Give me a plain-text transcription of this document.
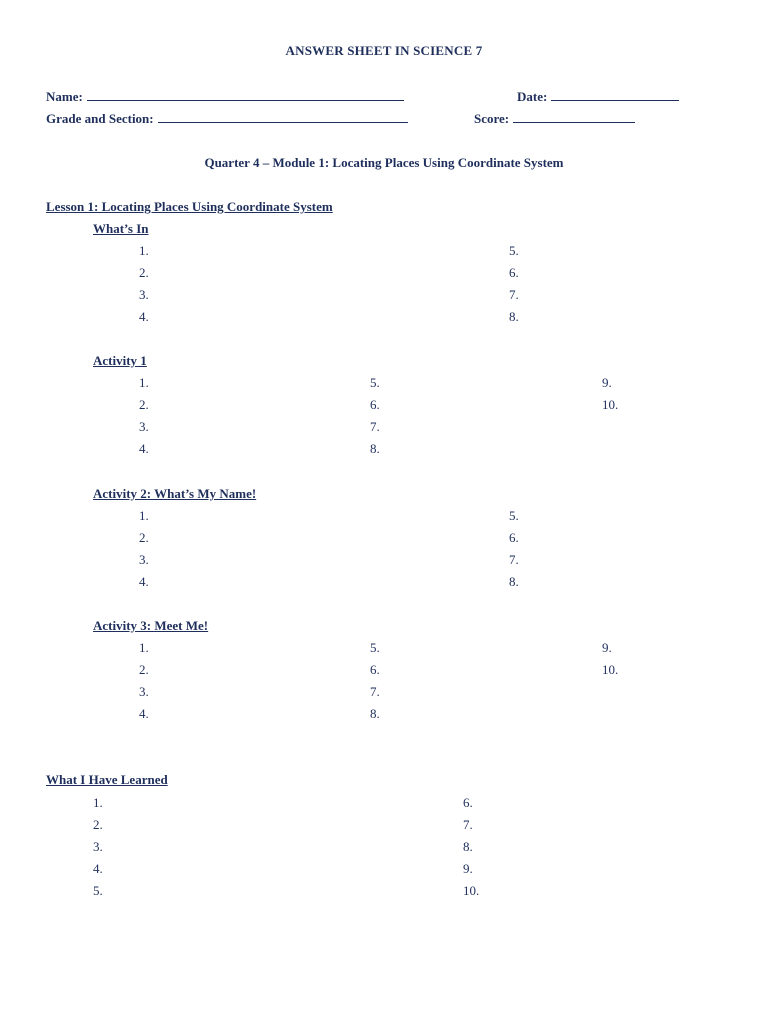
ANSWER SHEET IN SCIENCE 7
Name:	Date:
Grade and Section:	Score:
Quarter 4 – Module 1: Locating Places Using Coordinate System
Lesson 1: Locating Places Using Coordinate System
What’s In
1.
2.
3.
4.
5.
6.
7.
8.
Activity 1
1.
2.
3.
4.
5.
6.
7.
8.
9.
10.
Activity 2: What’s My Name!
1.
2.
3.
4.
5.
6.
7.
8.
Activity 3: Meet Me!
1.
2.
3.
4.
5.
6.
7.
8.
9.
10.
What I Have Learned
1.
2.
3.
4.
5.
6.
7.
8.
9.
10.
